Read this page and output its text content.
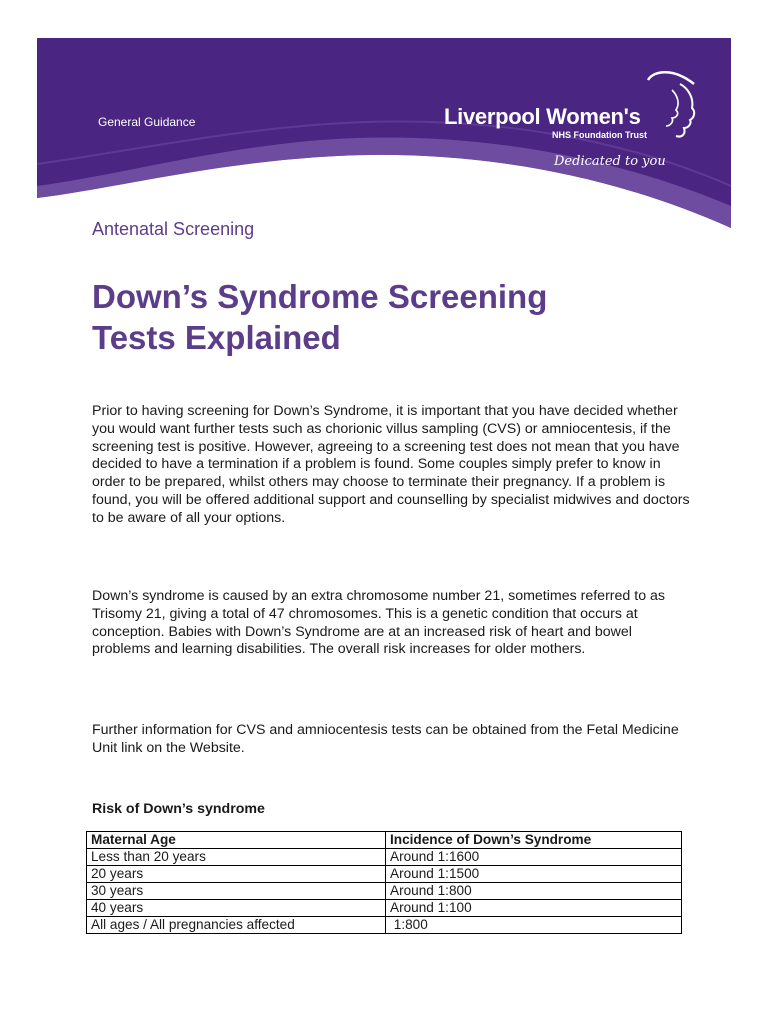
General Guidance	Liverpool Women's
NHS Foundation Trust
Dedicated to you
Antenatal Screening
Down’s Syndrome Screening
Tests Explained

Prior to having screening for Down’s Syndrome, it is important that you have decided whether you would want further tests such as chorionic villus sampling (CVS) or amniocentesis, if the screening test is positive. However, agreeing to a screening test does not mean that you have decided to have a termination if a problem is found. Some couples simply prefer to know in order to be prepared, whilst others may choose to terminate their pregnancy. If a problem is found, you will be offered additional support and counselling by specialist midwives and doctors to be aware of all your options.

Down’s syndrome is caused by an extra chromosome number 21, sometimes referred to as Trisomy 21, giving a total of 47 chromosomes. This is a genetic condition that occurs at conception. Babies with Down’s Syndrome are at an increased risk of heart and bowel problems and learning disabilities. The overall risk increases for older mothers.

Further information for CVS and amniocentesis tests can be obtained from the Fetal Medicine Unit link on the Website.

Risk of Down’s syndrome
Maternal Age	Incidence of Down’s Syndrome
Less than 20 years	Around 1:1600
20 years	Around 1:1500
30 years	Around 1:800
40 years	Around 1:100
All ages / All pregnancies affected	1:800
